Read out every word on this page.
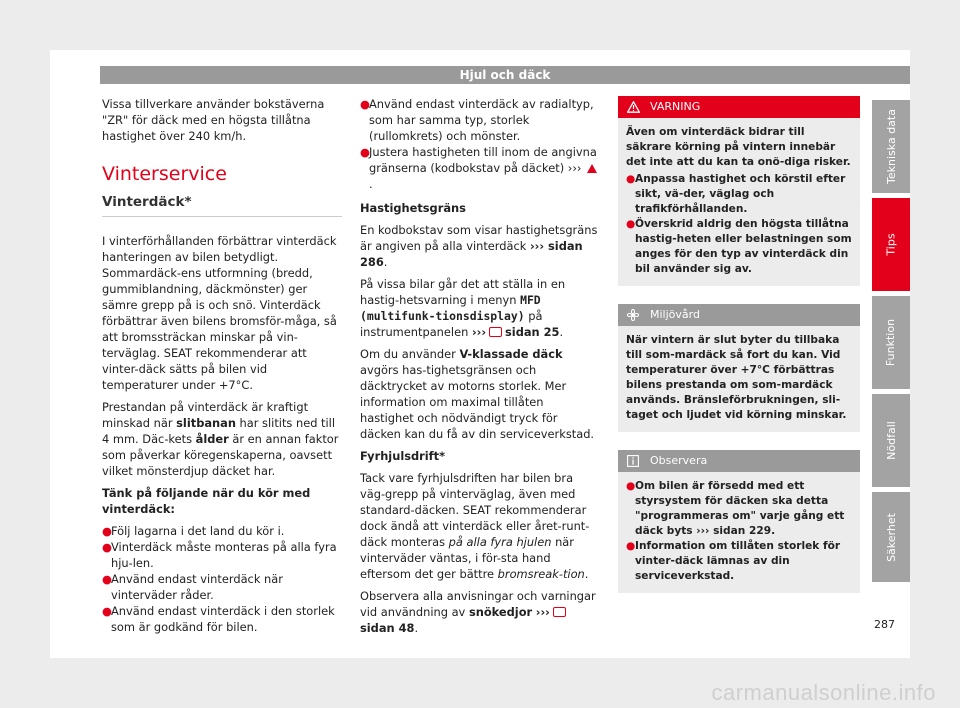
Hjul och däck

Vissa tillverkare använder bokstäverna "ZR" för däck med en högsta tillåtna hastighet över 240 km/h.

Vinterservice
Vinterdäck*

I vinterförhållanden förbättrar vinterdäck hanteringen av bilen betydligt. Sommardäck-ens utformning (bredd, gummiblandning, däckmönster) ger sämre grepp på is och snö. Vinterdäck förbättrar även bilens bromsför-måga, så att bromssträckan minskar på vin-terväglag. SEAT rekommenderar att vinter-däck sätts på bilen vid temperaturer under +7°C.

Prestandan på vinterdäck är kraftigt minskad när slitbanan har slitits ned till 4 mm. Däc-kets ålder är en annan faktor som påverkar köregenskaperna, oavsett vilket mönsterdjup däcket har.

Tänk på följande när du kör med vinterdäck:

● Följ lagarna i det land du kör i.
● Vinterdäck måste monteras på alla fyra hju-len.
● Använd endast vinterdäck när vinterväder råder.
● Använd endast vinterdäck i den storlek som är godkänd för bilen.
● Använd endast vinterdäck av radialtyp, som har samma typ, storlek (rullomkrets) och mönster.
● Justera hastigheten till inom de angivna gränserna (kodbokstav på däcket) ››› .

Hastighetsgräns

En kodbokstav som visar hastighetsgräns är angiven på alla vinterdäck ››› sidan 286.

På vissa bilar går det att ställa in en hastig-hetsvarning i menyn MFD (multifunk-tionsdisplay) på instrumentpanelen ››› sidan 25.

Om du använder V-klassade däck avgörs has-tighetsgränsen och däcktrycket av motorns storlek. Mer information om maximal tillåten hastighet och nödvändigt tryck för däcken kan du få av din serviceverkstad.

Fyrhjulsdrift*

Tack vare fyrhjulsdriften har bilen bra väg-grepp på vinterväglag, även med standard-däcken. SEAT rekommenderar dock ändå att vinterdäck eller året-runt-däck monteras på alla fyra hjulen när vinterväder väntas, i för-sta hand eftersom det ger bättre bromsreak-tion.

Observera alla anvisningar och varningar vid användning av snökedjor ›››sidan 48.

VARNING

Även om vinterdäck bidrar till säkrare körning på vintern innebär det inte att du kan ta onö-diga risker.

● Anpassa hastighet och körstil efter sikt, vä-der, väglag och trafikförhållanden.
● Överskrid aldrig den högsta tillåtna hastig-heten eller belastningen som anges för den typ av vinterdäck din bil använder sig av.
Miljövård
När vintern är slut byter du tillbaka till som-mardäck så fort du kan. Vid temperaturer över +7°C förbättras bilens prestanda om som-mardäck används. Bränsleförbrukningen, sli-taget och ljudet vid körning minskar.
Observera
● Om bilen är försedd med ett styrsystem för däcken ska detta "programmeras om" varje gång ett däck byts ››› sidan 229.
● Information om tillåten storlek för vinter-däck lämnas av din serviceverkstad.
Tekniska data
Tips
Funktion
Nödfall
Säkerhet
287
carmanualsonline.info
